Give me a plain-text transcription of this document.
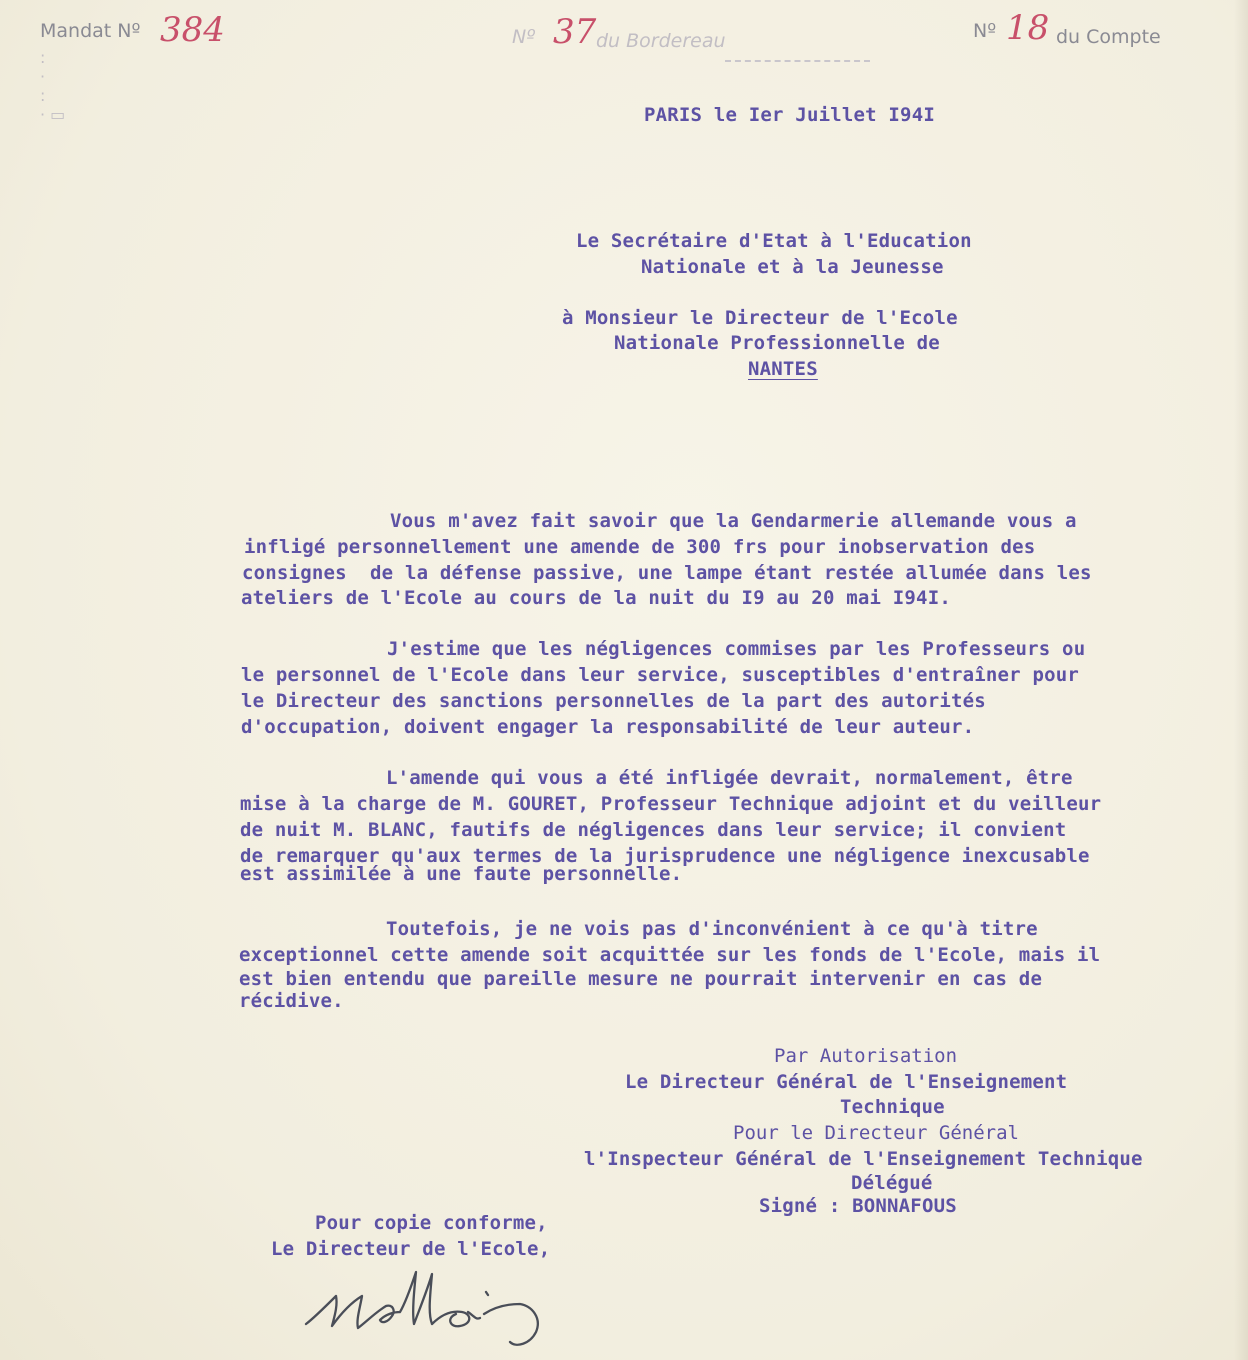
Mandat Nº 384
:
·
:
· ▭
Nº 37 du Bordereau	Nº 18 du Compte
PARIS le Ier Juillet I94I
Le Secrétaire d'Etat à l'Education
Nationale et à la Jeunesse
à Monsieur le Directeur de l'Ecole
Nationale Professionnelle de
NANTES
Vous m'avez fait savoir que la Gendarmerie allemande vous a
infligé personnellement une amende de 300 frs pour inobservation des
consignes  de la défense passive, une lampe étant restée allumée dans les
ateliers de l'Ecole au cours de la nuit du I9 au 20 mai I94I.
J'estime que les négligences commises par les Professeurs ou
le personnel de l'Ecole dans leur service, susceptibles d'entraîner pour
le Directeur des sanctions personnelles de la part des autorités
d'occupation, doivent engager la responsabilité de leur auteur.
L'amende qui vous a été infligée devrait, normalement, être
mise à la charge de M. GOURET, Professeur Technique adjoint et du veilleur
de nuit M. BLANC, fautifs de négligences dans leur service; il convient
de remarquer qu'aux termes de la jurisprudence une négligence inexcusable
est assimilée à une faute personnelle.
Toutefois, je ne vois pas d'inconvénient à ce qu'à titre
exceptionnel cette amende soit acquittée sur les fonds de l'Ecole, mais il
est bien entendu que pareille mesure ne pourrait intervenir en cas de
récidive.
Par Autorisation
Le Directeur Général de l'Enseignement
Technique
Pour le Directeur Général
l'Inspecteur Général de l'Enseignement Technique
Délégué
Signé : BONNAFOUS
Pour copie conforme,
Le Directeur de l'Ecole,
